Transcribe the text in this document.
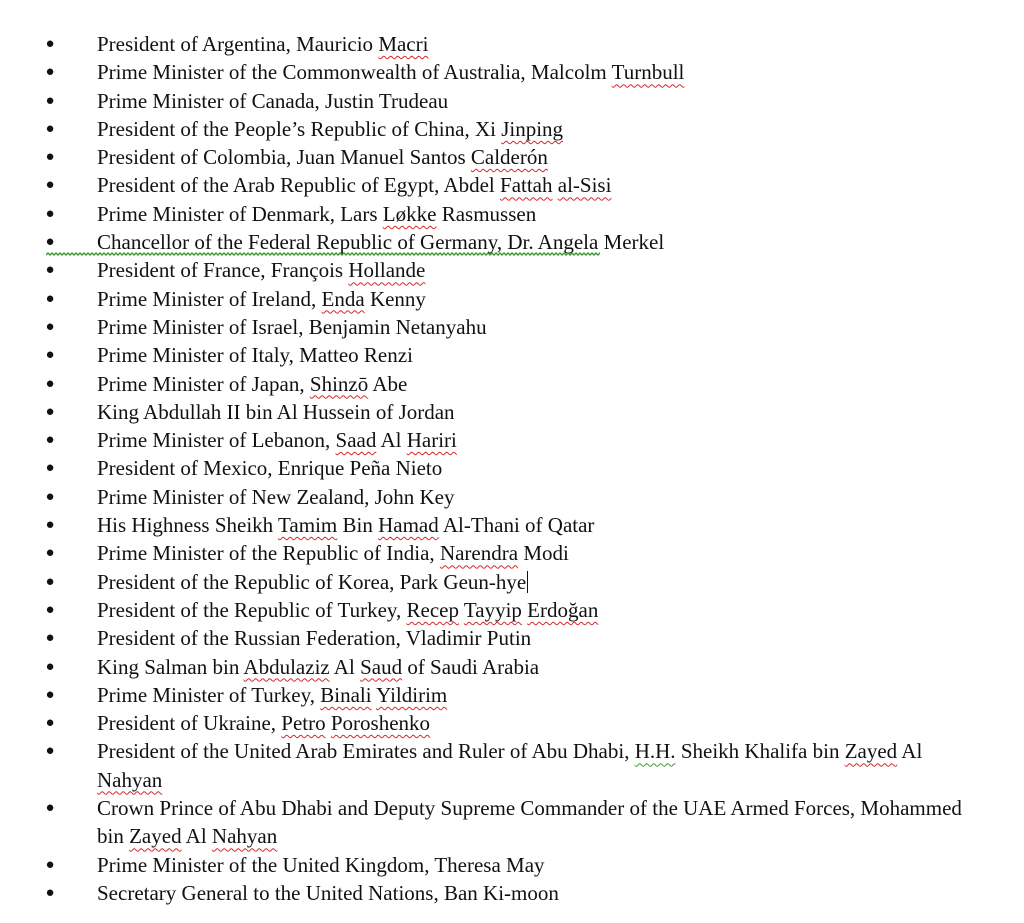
● President of Argentina, Mauricio Macri
● Prime Minister of the Commonwealth of Australia, Malcolm Turnbull
● Prime Minister of Canada, Justin Trudeau
● President of the People’s Republic of China, Xi Jinping
● President of Colombia, Juan Manuel Santos Calderón
● President of the Arab Republic of Egypt, Abdel Fattah al-Sisi
● Prime Minister of Denmark, Lars Løkke Rasmussen
● Chancellor of the Federal Republic of Germany, Dr. Angela Merkel
● President of France, François Hollande
● Prime Minister of Ireland, Enda Kenny
● Prime Minister of Israel, Benjamin Netanyahu
● Prime Minister of Italy, Matteo Renzi
● Prime Minister of Japan, Shinzō Abe
● King Abdullah II bin Al Hussein of Jordan
● Prime Minister of Lebanon, Saad Al Hariri
● President of Mexico, Enrique Peña Nieto
● Prime Minister of New Zealand, John Key
● His Highness Sheikh Tamim Bin Hamad Al-Thani of Qatar
● Prime Minister of the Republic of India, Narendra Modi
● President of the Republic of Korea, Park Geun-hye
● President of the Republic of Turkey, Recep Tayyip Erdoğan
● President of the Russian Federation, Vladimir Putin
● King Salman bin Abdulaziz Al Saud of Saudi Arabia
● Prime Minister of Turkey, Binali Yildirim
● President of Ukraine, Petro Poroshenko
● President of the United Arab Emirates and Ruler of Abu Dhabi, H.H. Sheikh Khalifa bin Zayed Al Nahyan
● Crown Prince of Abu Dhabi and Deputy Supreme Commander of the UAE Armed Forces, Mohammed bin Zayed Al Nahyan
● Prime Minister of the United Kingdom, Theresa May
● Secretary General to the United Nations, Ban Ki-moon
